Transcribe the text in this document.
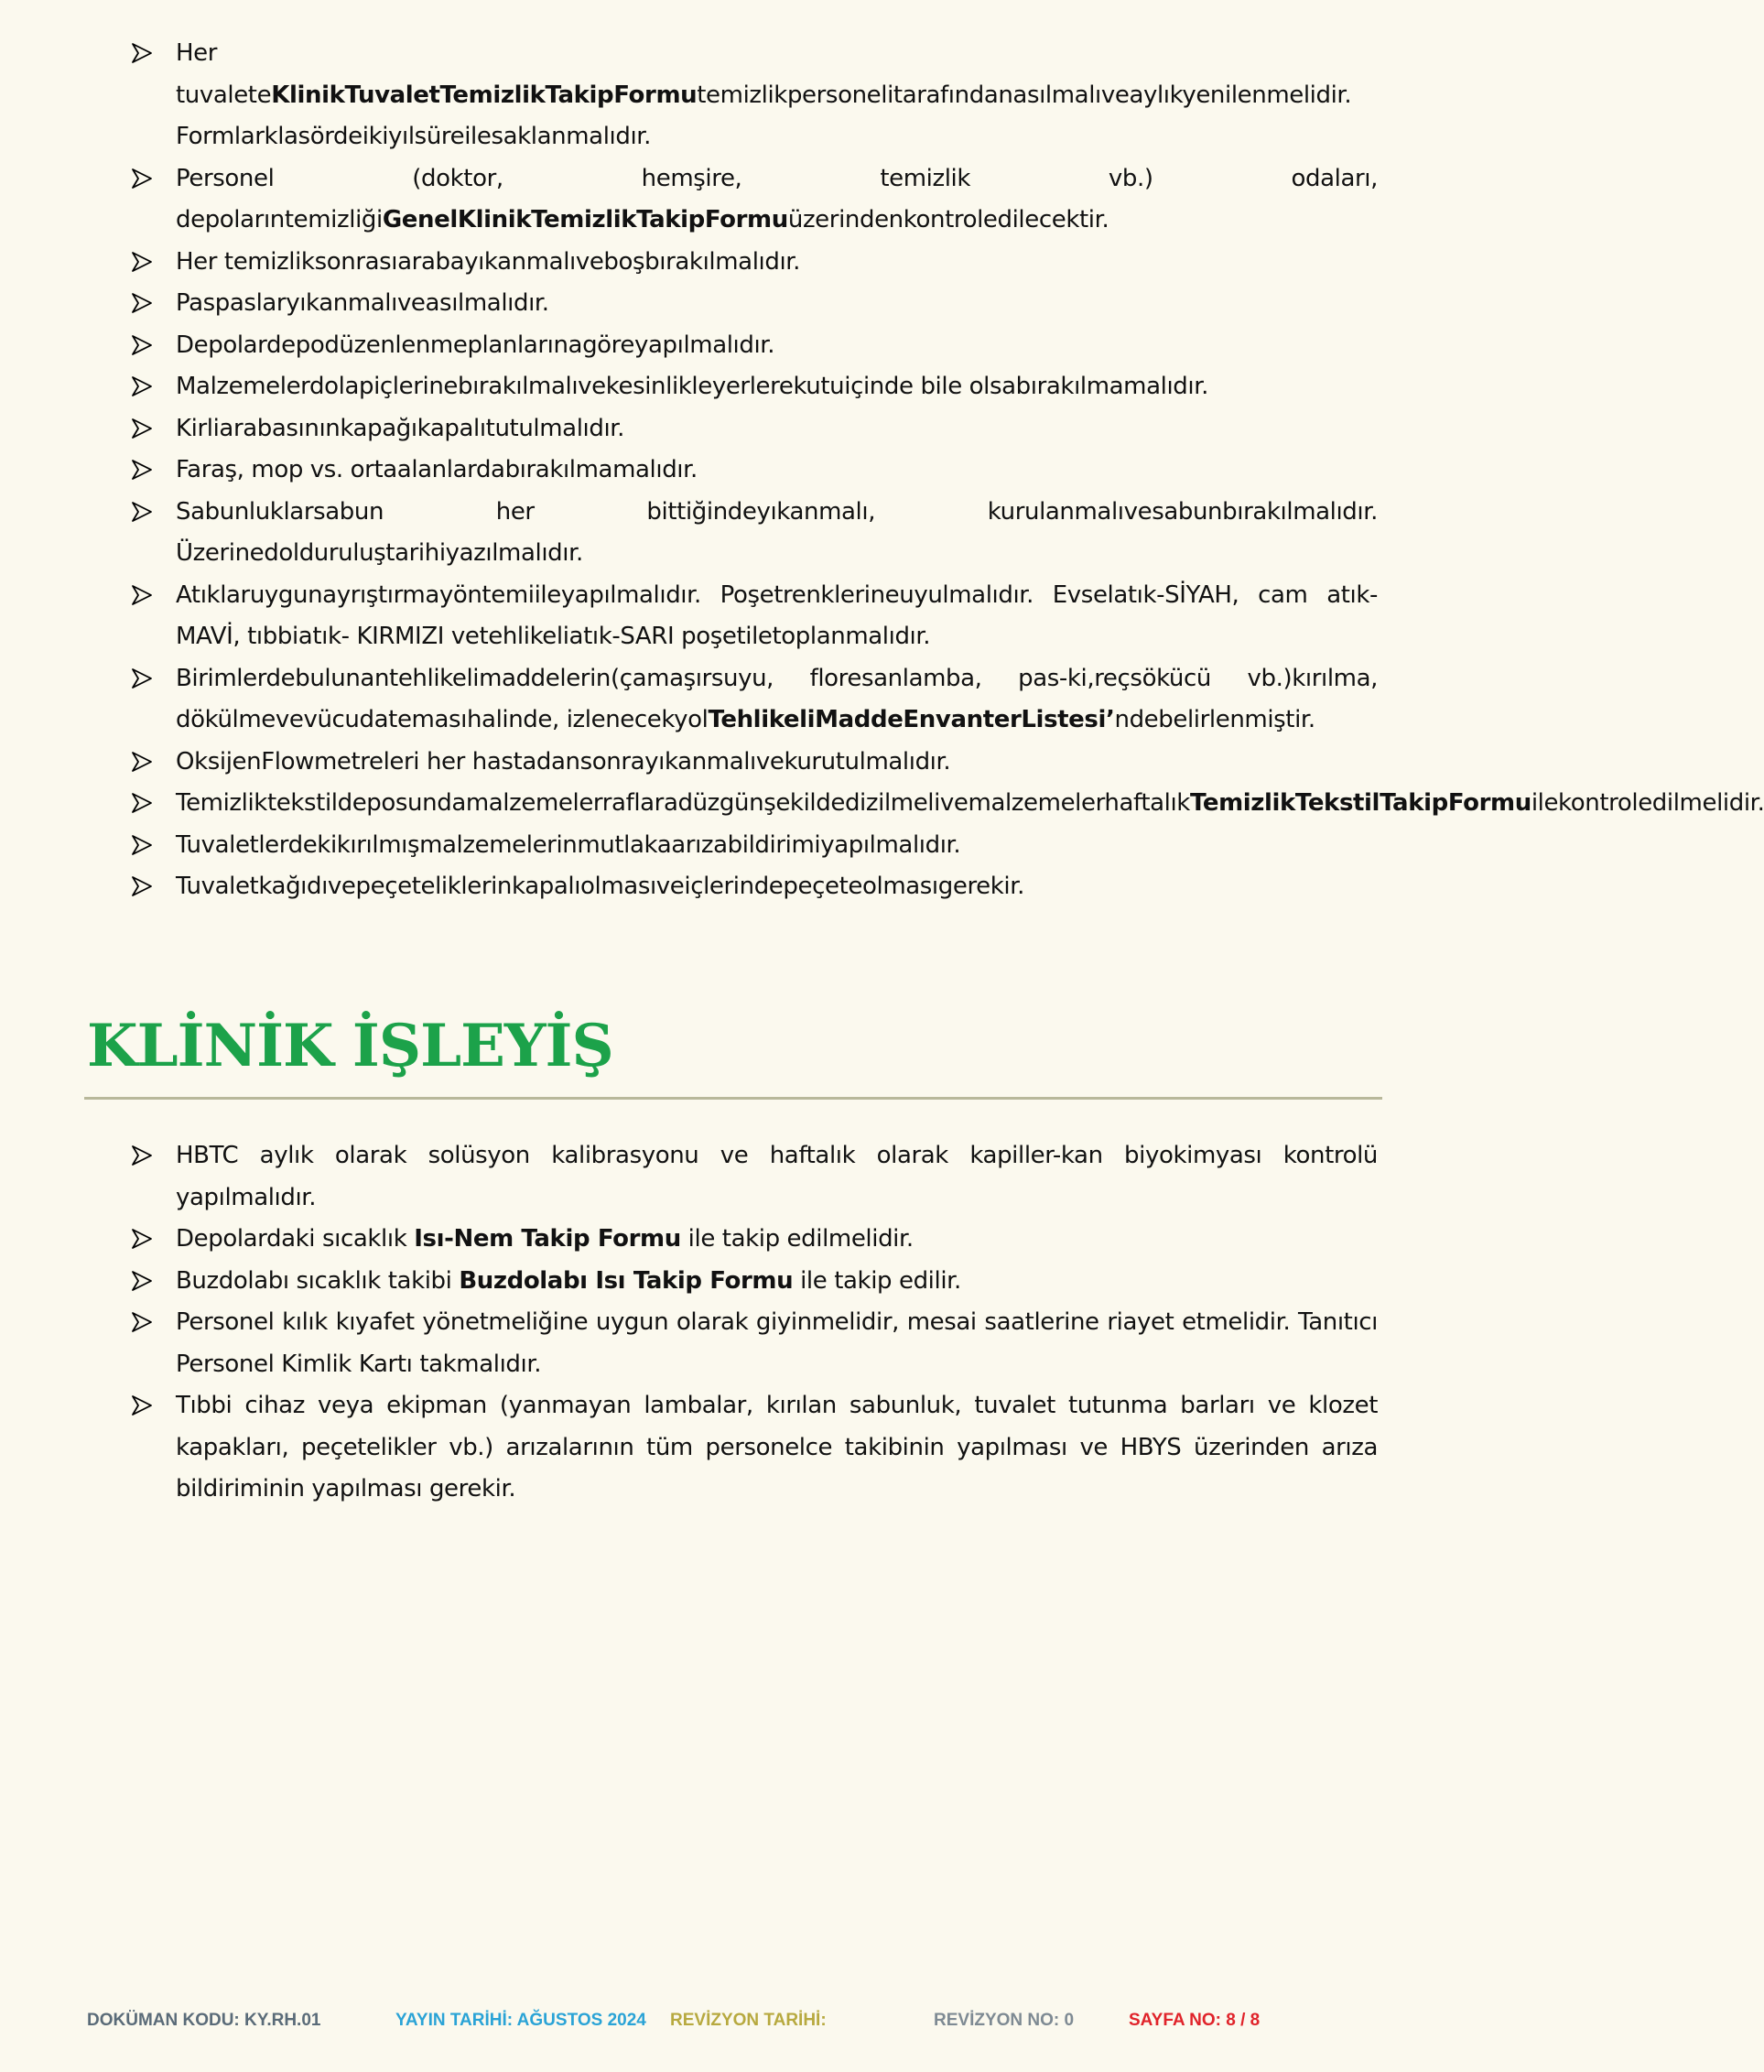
Her tuvaleteKlinikTuvaletTemizlikTakipFormutemizlikpersonelitarafındanasılmalıveaylıkyenilenmelidir. Formlarklasördeikiyılsüreilesaklanmalıdır.
Personel (doktor, hemşire, temizlik vb.) odaları, depolarıntemizliğiGenelKlinikTemizlikTakipFormuüzerindenkontroledilecektir.
Her temizliksonrasıarabayıkanmalıveboşbırakılmalıdır.
Paspaslaryıkanmalıveasılmalıdır.
Depolardepodüzenlenmeplanlarınagöreyapılmalıdır.
Malzemelerdolapiçlerinebırakılmalıvekesinlikleyerlerekutuiçinde bile olsabırakılmamalıdır.
Kirliarabasınınkapağıkapalıtutulmalıdır.
Faraş, mop vs. ortaalanlardabırakılmamalıdır.
Sabunluklarsabun her bittiğindeyıkanmalı, kurulanmalıvesabunbırakılmalıdır. Üzerinedolduruluştarihiyazılmalıdır.
Atıklaruygunayrıştırmayöntemiileyapılmalıdır. Poşetrenklerineuyulmalıdır. Evselatık-SİYAH, cam atık-MAVİ, tıbbiatık- KIRMIZI vetehlikeliatık-SARI poşetiletoplanmalıdır.
Birimlerdebulunantehlikelimaddelerin(çamaşırsuyu, floresanlamba, pas-ki,reçsökücü vb.)kırılma, dökülmevevücudatemasıhalinde, izlenecekyolTehlikeliMaddeEnvanterListesi’ndebelirlenmiştir.
OksijenFlowmetreleri her hastadansonrayıkanmalıvekurutulmalıdır.
TemizliktekstildeposundamalzemelerraflaradüzgünşekildedizilmelivemalzemelerhaftalıkTemizlikTekstilTakipFormuilekontroledilmelidir.
Tuvaletlerdekikırılmışmalzemelerinmutlakaarızabildirimiyapılmalıdır.
Tuvaletkağıdıvepeçeteliklerinkapalıolmasıveiçlerindepeçeteolmasıgerekir.
KLİNİK İŞLEYİŞ
HBTC aylık olarak solüsyon kalibrasyonu ve haftalık olarak kapiller-kan biyokimyası kontrolü yapılmalıdır.
Depolardaki sıcaklık Isı-Nem Takip Formu ile takip edilmelidir.
Buzdolabı sıcaklık takibi Buzdolabı Isı Takip Formu ile takip edilir.
Personel kılık kıyafet yönetmeliğine uygun olarak giyinmelidir, mesai saatlerine riayet etmelidir. Tanıtıcı Personel Kimlik Kartı takmalıdır.
Tıbbi cihaz veya ekipman (yanmayan lambalar, kırılan sabunluk, tuvalet tutunma barları ve klozet kapakları, peçetelikler vb.) arızalarının tüm personelce takibinin yapılması ve HBYS üzerinden arıza bildiriminin yapılması gerekir.
DOKÜMAN KODU: KY.RH.01	YAYIN TARİHİ: AĞUSTOS 2024 REVİZYON TARİHİ:	REVİZYON NO: 0	SAYFA NO: 8 / 8
